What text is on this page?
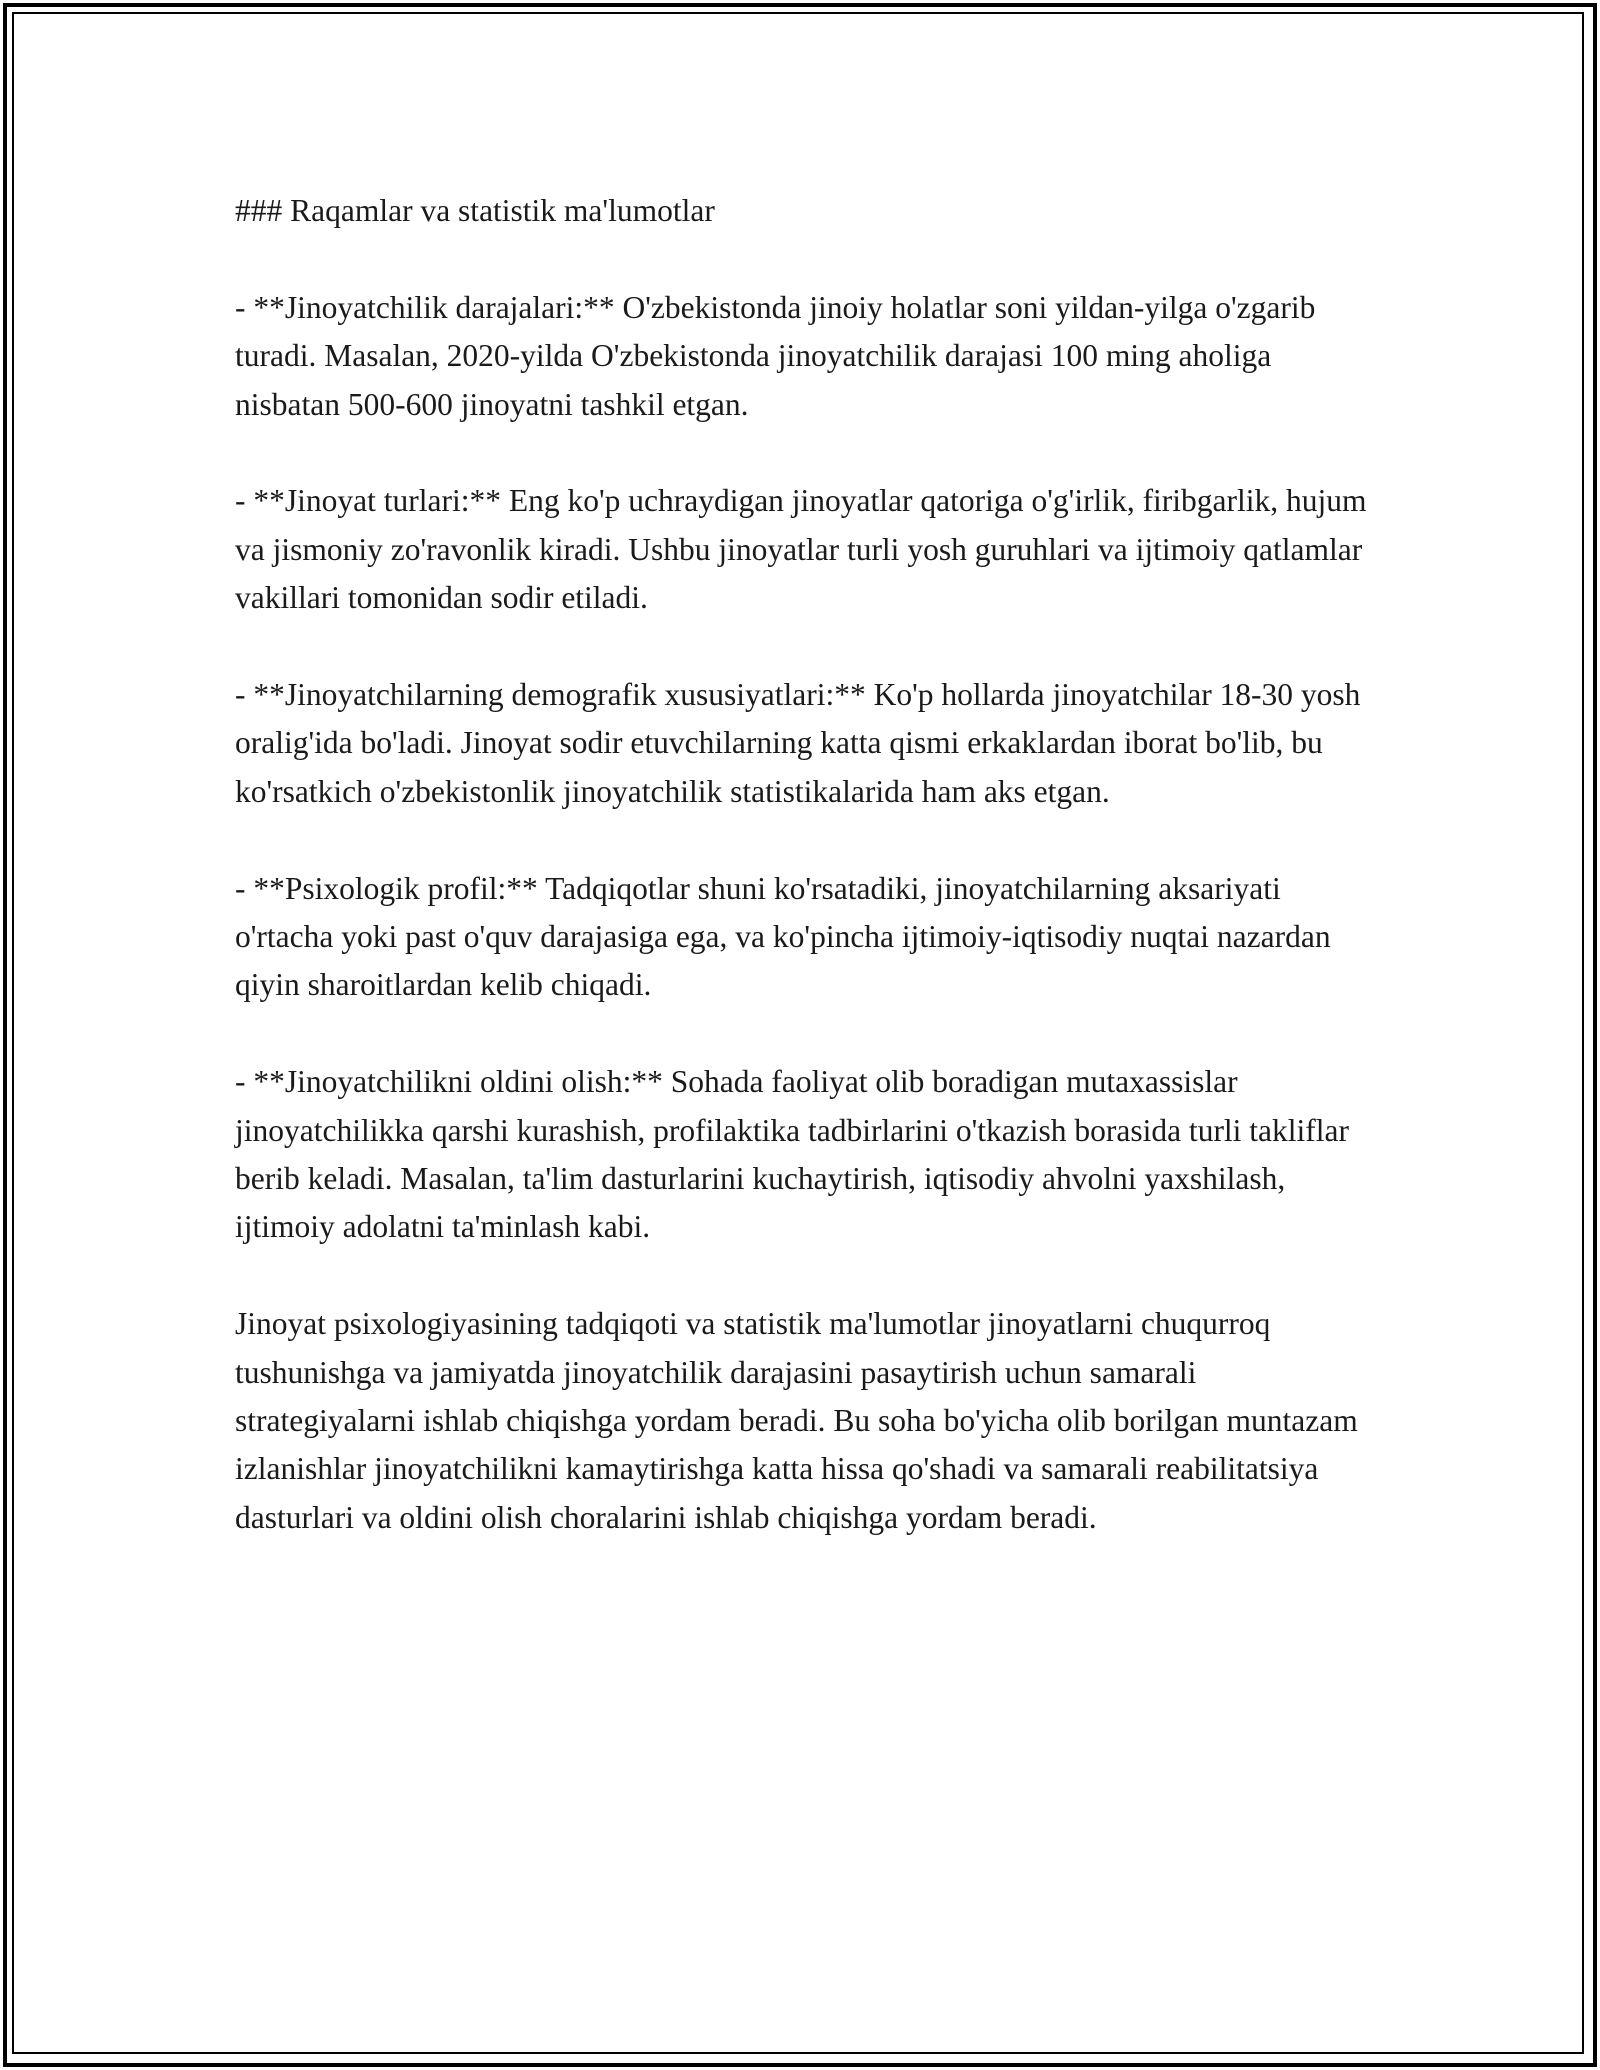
### Raqamlar va statistik ma'lumotlar

- **Jinoyatchilik darajalari:** O'zbekistonda jinoiy holatlar soni yildan-yilga o'zgarib turadi. Masalan, 2020-yilda O'zbekistonda jinoyatchilik darajasi 100 ming aholiga nisbatan 500-600 jinoyatni tashkil etgan.

- **Jinoyat turlari:** Eng ko'p uchraydigan jinoyatlar qatoriga o'g'irlik, firibgarlik, hujum va jismoniy zo'ravonlik kiradi. Ushbu jinoyatlar turli yosh guruhlari va ijtimoiy qatlamlar vakillari tomonidan sodir etiladi.

- **Jinoyatchilarning demografik xususiyatlari:** Ko'p hollarda jinoyatchilar 18-30 yosh oralig'ida bo'ladi. Jinoyat sodir etuvchilarning katta qismi erkaklardan iborat bo'lib, bu ko'rsatkich o'zbekistonlik jinoyatchilik statistikalarida ham aks etgan.

- **Psixologik profil:** Tadqiqotlar shuni ko'rsatadiki, jinoyatchilarning aksariyati o'rtacha yoki past o'quv darajasiga ega, va ko'pincha ijtimoiy-iqtisodiy nuqtai nazardan qiyin sharoitlardan kelib chiqadi.

- **Jinoyatchilikni oldini olish:** Sohada faoliyat olib boradigan mutaxassislar jinoyatchilikka qarshi kurashish, profilaktika tadbirlarini o'tkazish borasida turli takliflar berib keladi. Masalan, ta'lim dasturlarini kuchaytirish, iqtisodiy ahvolni yaxshilash, ijtimoiy adolatni ta'minlash kabi.

Jinoyat psixologiyasining tadqiqoti va statistik ma'lumotlar jinoyatlarni chuqurroq tushunishga va jamiyatda jinoyatchilik darajasini pasaytirish uchun samarali strategiyalarni ishlab chiqishga yordam beradi. Bu soha bo'yicha olib borilgan muntazam izlanishlar jinoyatchilikni kamaytirishga katta hissa qo'shadi va samarali reabilitatsiya dasturlari va oldini olish choralarini ishlab chiqishga yordam beradi.
